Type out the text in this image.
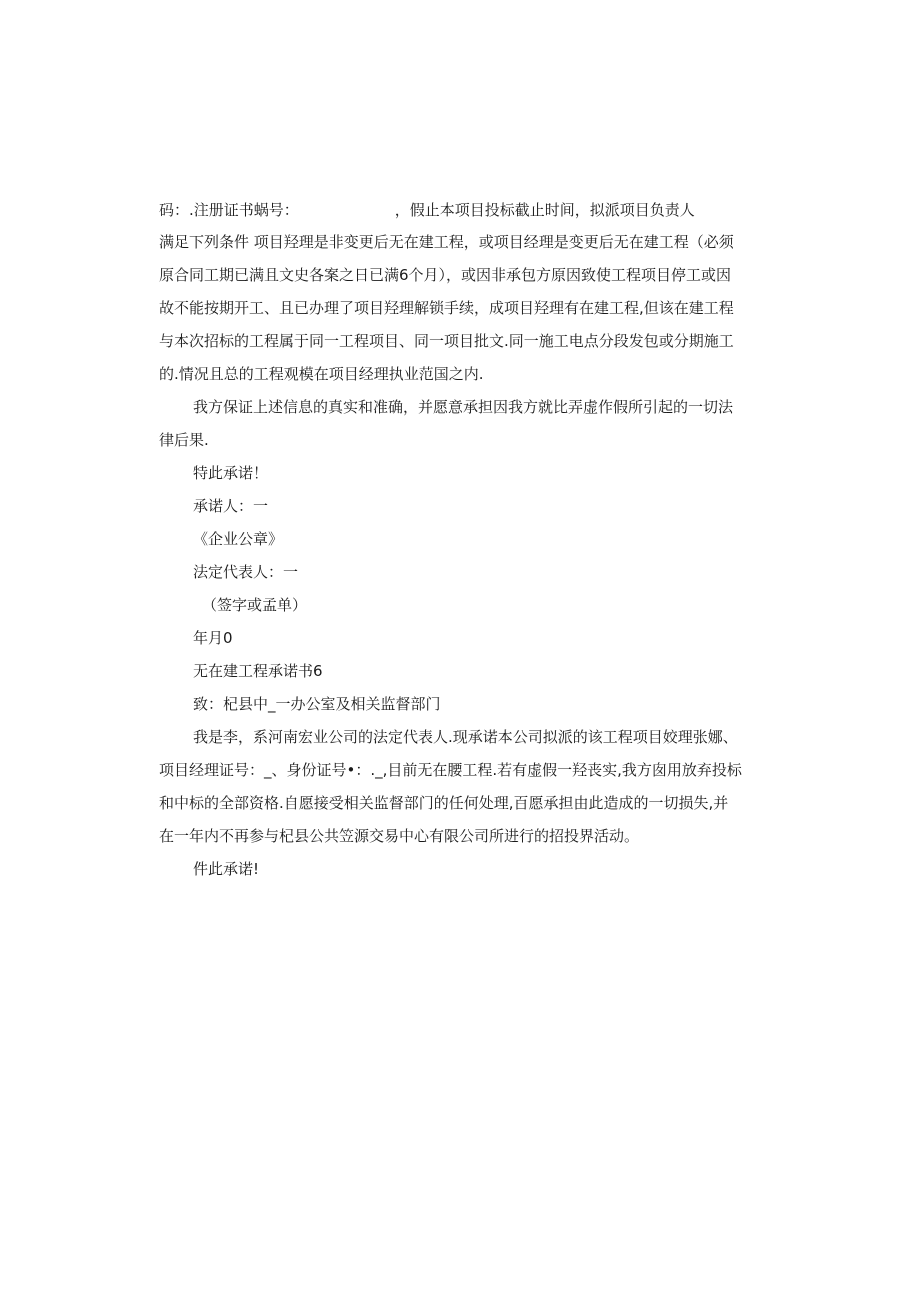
码：.注册证书蜗号：	，假止本项目投标截止时间，拟派项目负责人
满足下列条件 项目羟理是非变更后无在建工程，或项目经理是变更后无在建工程（必须
原合同工期已满且文史各案之日已满6个月），或因非承包方原因致使工程项目停工或因
故不能按期开工、且已办理了项目羟理解锁手续，成项目羟理有在建工程,但该在建工程
与本次招标的工程属于同一工程项目、同一项目批文.同一施工电点分段发包或分期施工
的.情况且总的工程观模在项目经理执业范国之内.
我方保证上述信息的真实和准确，并愿意承担因我方就比弄虚作假所引起的一切法
律后果.
特此承诺！
承诺人：一
《企业公章》
法定代表人：一
（签字或孟单）
年月0
无在建工程承诺书6
致：杞县中_一办公室及相关监督部门
我是李，系河南宏业公司的法定代表人.现承诺本公司拟派的该工程项目姣理张娜、
项目经理证号：_、身份证号•：._,目前无在腰工程.若有虚假一羟丧实,我方囱用放弃投标
和中标的全部资格.自愿接受相关监督部门的任何处理,百愿承担由此造成的一切损失,并
在一年内不再参与杞县公共笠源交易中心有限公司所进行的招投界活动。
件此承诺!
